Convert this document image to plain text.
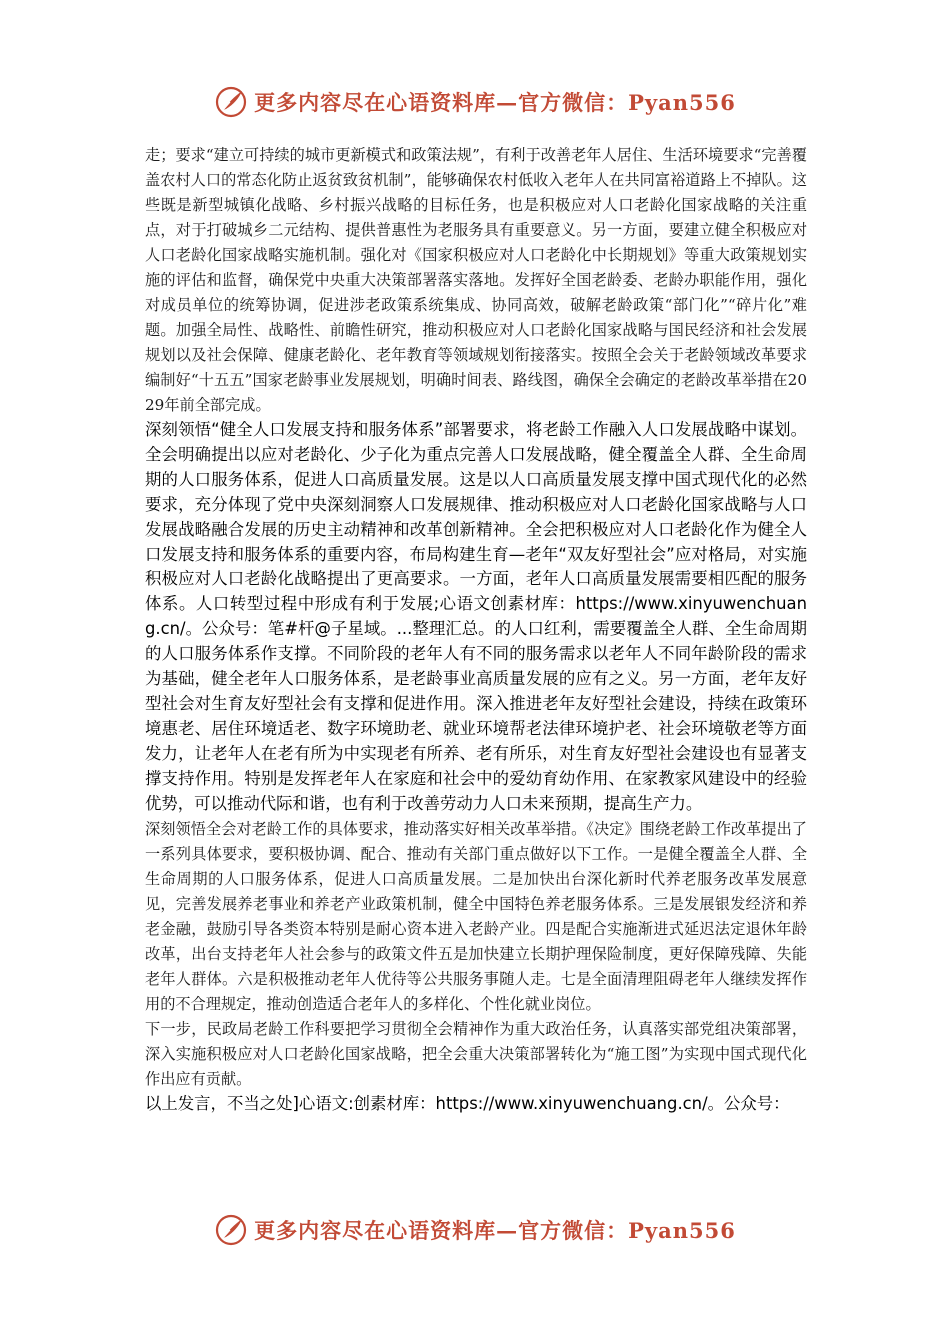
更多内容尽在心语资料库—官方微信：Pyan556

走；要求“建立可持续的城市更新模式和政策法规”，有利于改善老年人居住、生活环境要求“完善覆盖农村人口的常态化防止返贫致贫机制”，能够确保农村低收入老年人在共同富裕道路上不掉队。这些既是新型城镇化战略、乡村振兴战略的目标任务，也是积极应对人口老龄化国家战略的关注重点，对于打破城乡二元结构、提供普惠性为老服务具有重要意义。另一方面，要建立健全积极应对人口老龄化国家战略实施机制。强化对《国家积极应对人口老龄化中长期规划》等重大政策规划实施的评估和监督，确保党中央重大决策部署落实落地。发挥好全国老龄委、老龄办职能作用，强化对成员单位的统筹协调，促进涉老政策系统集成、协同高效，破解老龄政策“部门化”“碎片化”难题。加强全局性、战略性、前瞻性研究，推动积极应对人口老龄化国家战略与国民经济和社会发展规划以及社会保障、健康老龄化、老年教育等领域规划衔接落实。按照全会关于老龄领域改革要求编制好“十五五”国家老龄事业发展规划，明确时间表、路线图，确保全会确定的老龄改革举措在2029年前全部完成。

深刻领悟“健全人口发展支持和服务体系”部署要求，将老龄工作融入人口发展战略中谋划。全会明确提出以应对老龄化、少子化为重点完善人口发展战略，健全覆盖全人群、全生命周期的人口服务体系，促进人口高质量发展。这是以人口高质量发展支撑中国式现代化的必然要求，充分体现了党中央深刻洞察人口发展规律、推动积极应对人口老龄化国家战略与人口发展战略融合发展的历史主动精神和改革创新精神。全会把积极应对人口老龄化作为健全人口发展支持和服务体系的重要内容，布局构建生育—老年“双友好型社会”应对格局，对实施积极应对人口老龄化战略提出了更高要求。一方面，老年人口高质量发展需要相匹配的服务体系。人口转型过程中形成有利于发展;心语文创素材库：https://www.xinyuwenchuang.cn/。公众号：笔#杆@子星域。...整理汇总。的人口红利，需要覆盖全人群、全生命周期的人口服务体系作支撑。不同阶段的老年人有不同的服务需求以老年人不同年龄阶段的需求为基础，健全老年人口服务体系，是老龄事业高质量发展的应有之义。另一方面，老年友好型社会对生育友好型社会有支撑和促进作用。深入推进老年友好型社会建设，持续在政策环境惠老、居住环境适老、数字环境助老、就业环境帮老法律环境护老、社会环境敬老等方面发力，让老年人在老有所为中实现老有所养、老有所乐，对生育友好型社会建设也有显著支撑支持作用。特别是发挥老年人在家庭和社会中的爱幼育幼作用、在家教家风建设中的经验优势，可以推动代际和谐，也有利于改善劳动力人口未来预期，提高生产力。

深刻领悟全会对老龄工作的具体要求，推动落实好相关改革举措。《决定》围绕老龄工作改革提出了一系列具体要求，要积极协调、配合、推动有关部门重点做好以下工作。一是健全覆盖全人群、全生命周期的人口服务体系，促进人口高质量发展。二是加快出台深化新时代养老服务改革发展意见，完善发展养老事业和养老产业政策机制，健全中国特色养老服务体系。三是发展银发经济和养老金融，鼓励引导各类资本特别是耐心资本进入老龄产业。四是配合实施渐进式延迟法定退休年龄改革，出台支持老年人社会参与的政策文件五是加快建立长期护理保险制度，更好保障残障、失能老年人群体。六是积极推动老年人优待等公共服务事随人走。七是全面清理阻碍老年人继续发挥作用的不合理规定，推动创造适合老年人的多样化、个性化就业岗位。

下一步，民政局老龄工作科要把学习贯彻全会精神作为重大政治任务，认真落实部党组决策部署，深入实施积极应对人口老龄化国家战略，把全会重大决策部署转化为“施工图”为实现中国式现代化作出应有贡献。

以上发言，不当之处]心语文:创素材库：https://www.xinyuwenchuang.cn/。公众号：

更多内容尽在心语资料库—官方微信：Pyan556
